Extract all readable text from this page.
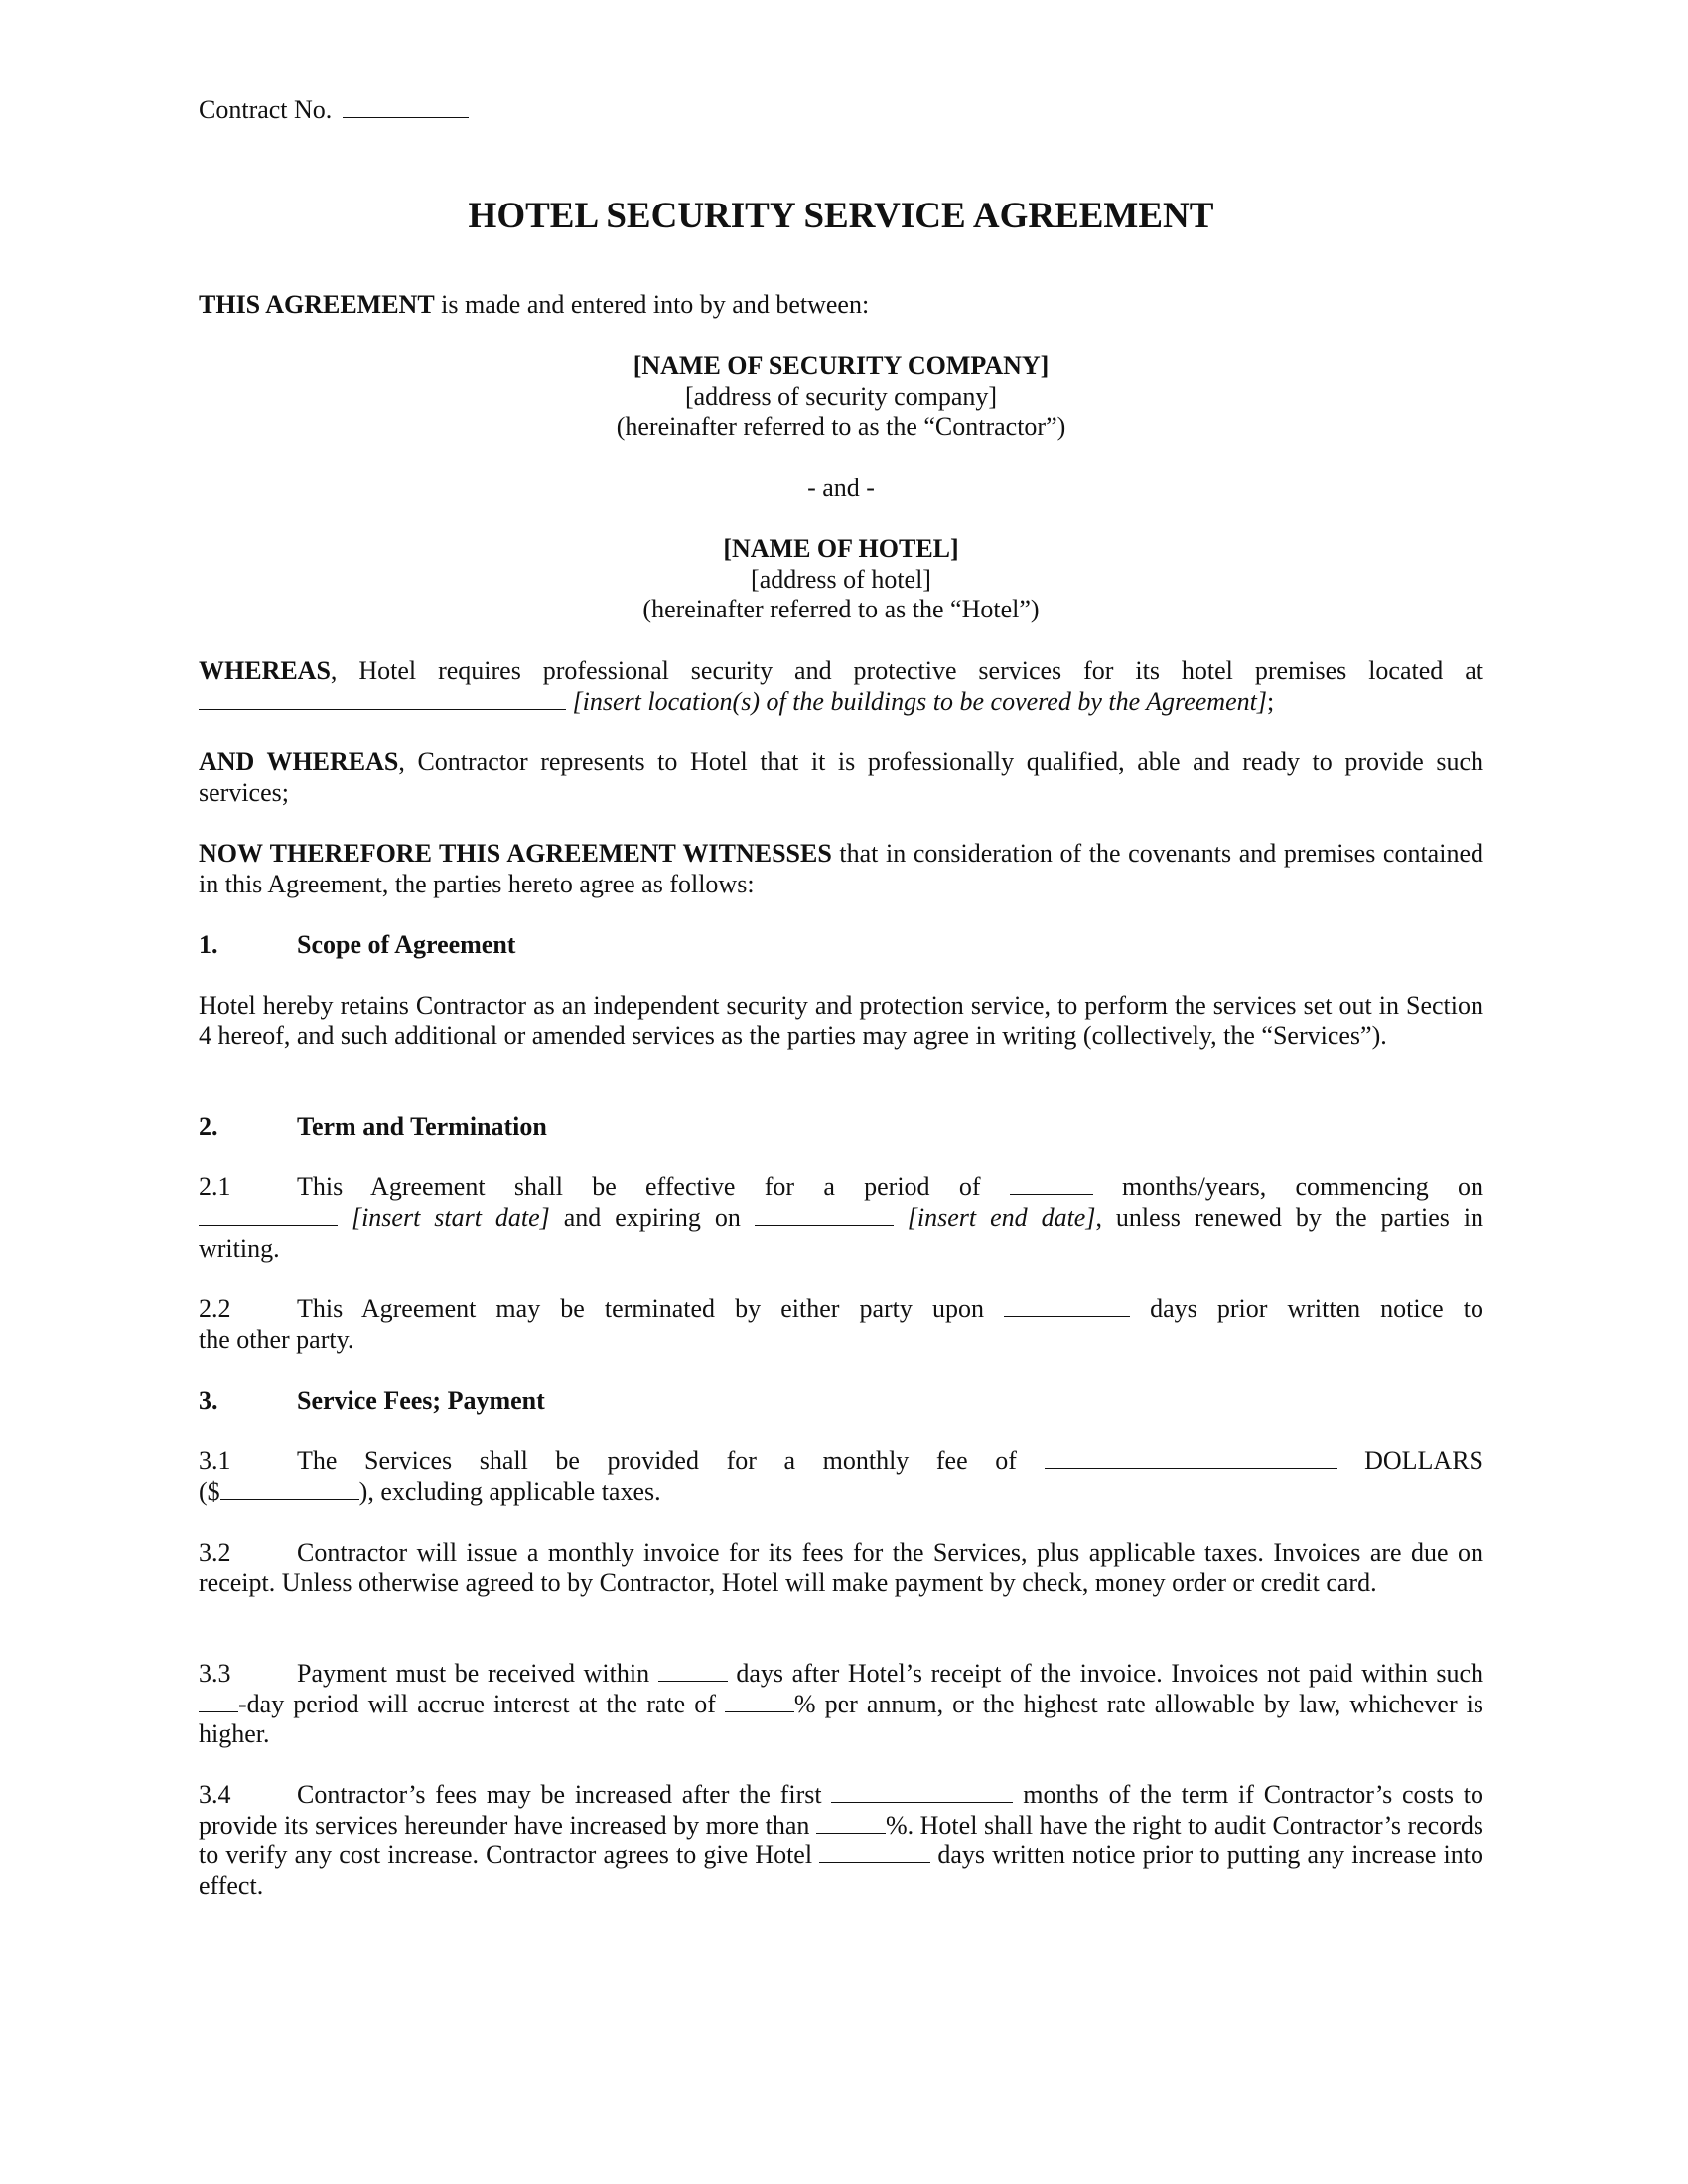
Contract No.

HOTEL SECURITY SERVICE AGREEMENT

THIS AGREEMENT is made and entered into by and between:

[NAME OF SECURITY COMPANY]
[address of security company]
(hereinafter referred to as the “Contractor”)
- and -
[NAME OF HOTEL]
[address of hotel]
(hereinafter referred to as the “Hotel”)

WHEREAS, Hotel requires professional security and protective services for its hotel premises located at

[insert location(s) of the buildings to be covered by the Agreement];

AND WHEREAS, Contractor represents to Hotel that it is professionally qualified, able and ready to provide such services;

NOW THEREFORE THIS AGREEMENT WITNESSES that in consideration of the covenants and premises contained in this Agreement, the parties hereto agree as follows:

1.	Scope of Agreement

Hotel hereby retains Contractor as an independent security and protection service, to perform the services set out in Section 4 hereof, and such additional or amended services as the parties may agree in writing (collectively, the “Services”).

2.	Term and Termination

2.1	This Agreement shall be effective for a period of	months/years, commencing on

[insert start date] and expiring on	[insert end date], unless renewed by the parties in

writing.

2.2	This Agreement may be terminated by either party upon	days prior written notice to

the other party.

3.	Service Fees; Payment

3.1	The Services shall be provided for a monthly fee of	DOLLARS

($	), excluding applicable taxes.

3.2	Contractor will issue a monthly invoice for its fees for the Services, plus applicable taxes. Invoices are due on receipt. Unless otherwise agreed to by Contractor, Hotel will make payment by check, money order or credit card.

3.3	Payment must be received within	days after Hotel’s receipt of the invoice. Invoices not paid within such -day period will accrue interest at the rate of	% per annum, or the highest rate allowable by law, whichever is higher.

3.4	Contractor’s fees may be increased after the first	months of the term if Contractor’s costs to provide its services hereunder have increased by more than	%. Hotel shall have the right to audit Contractor’s records to verify any cost increase. Contractor agrees to give Hotel	days written notice prior to putting any increase into effect.
